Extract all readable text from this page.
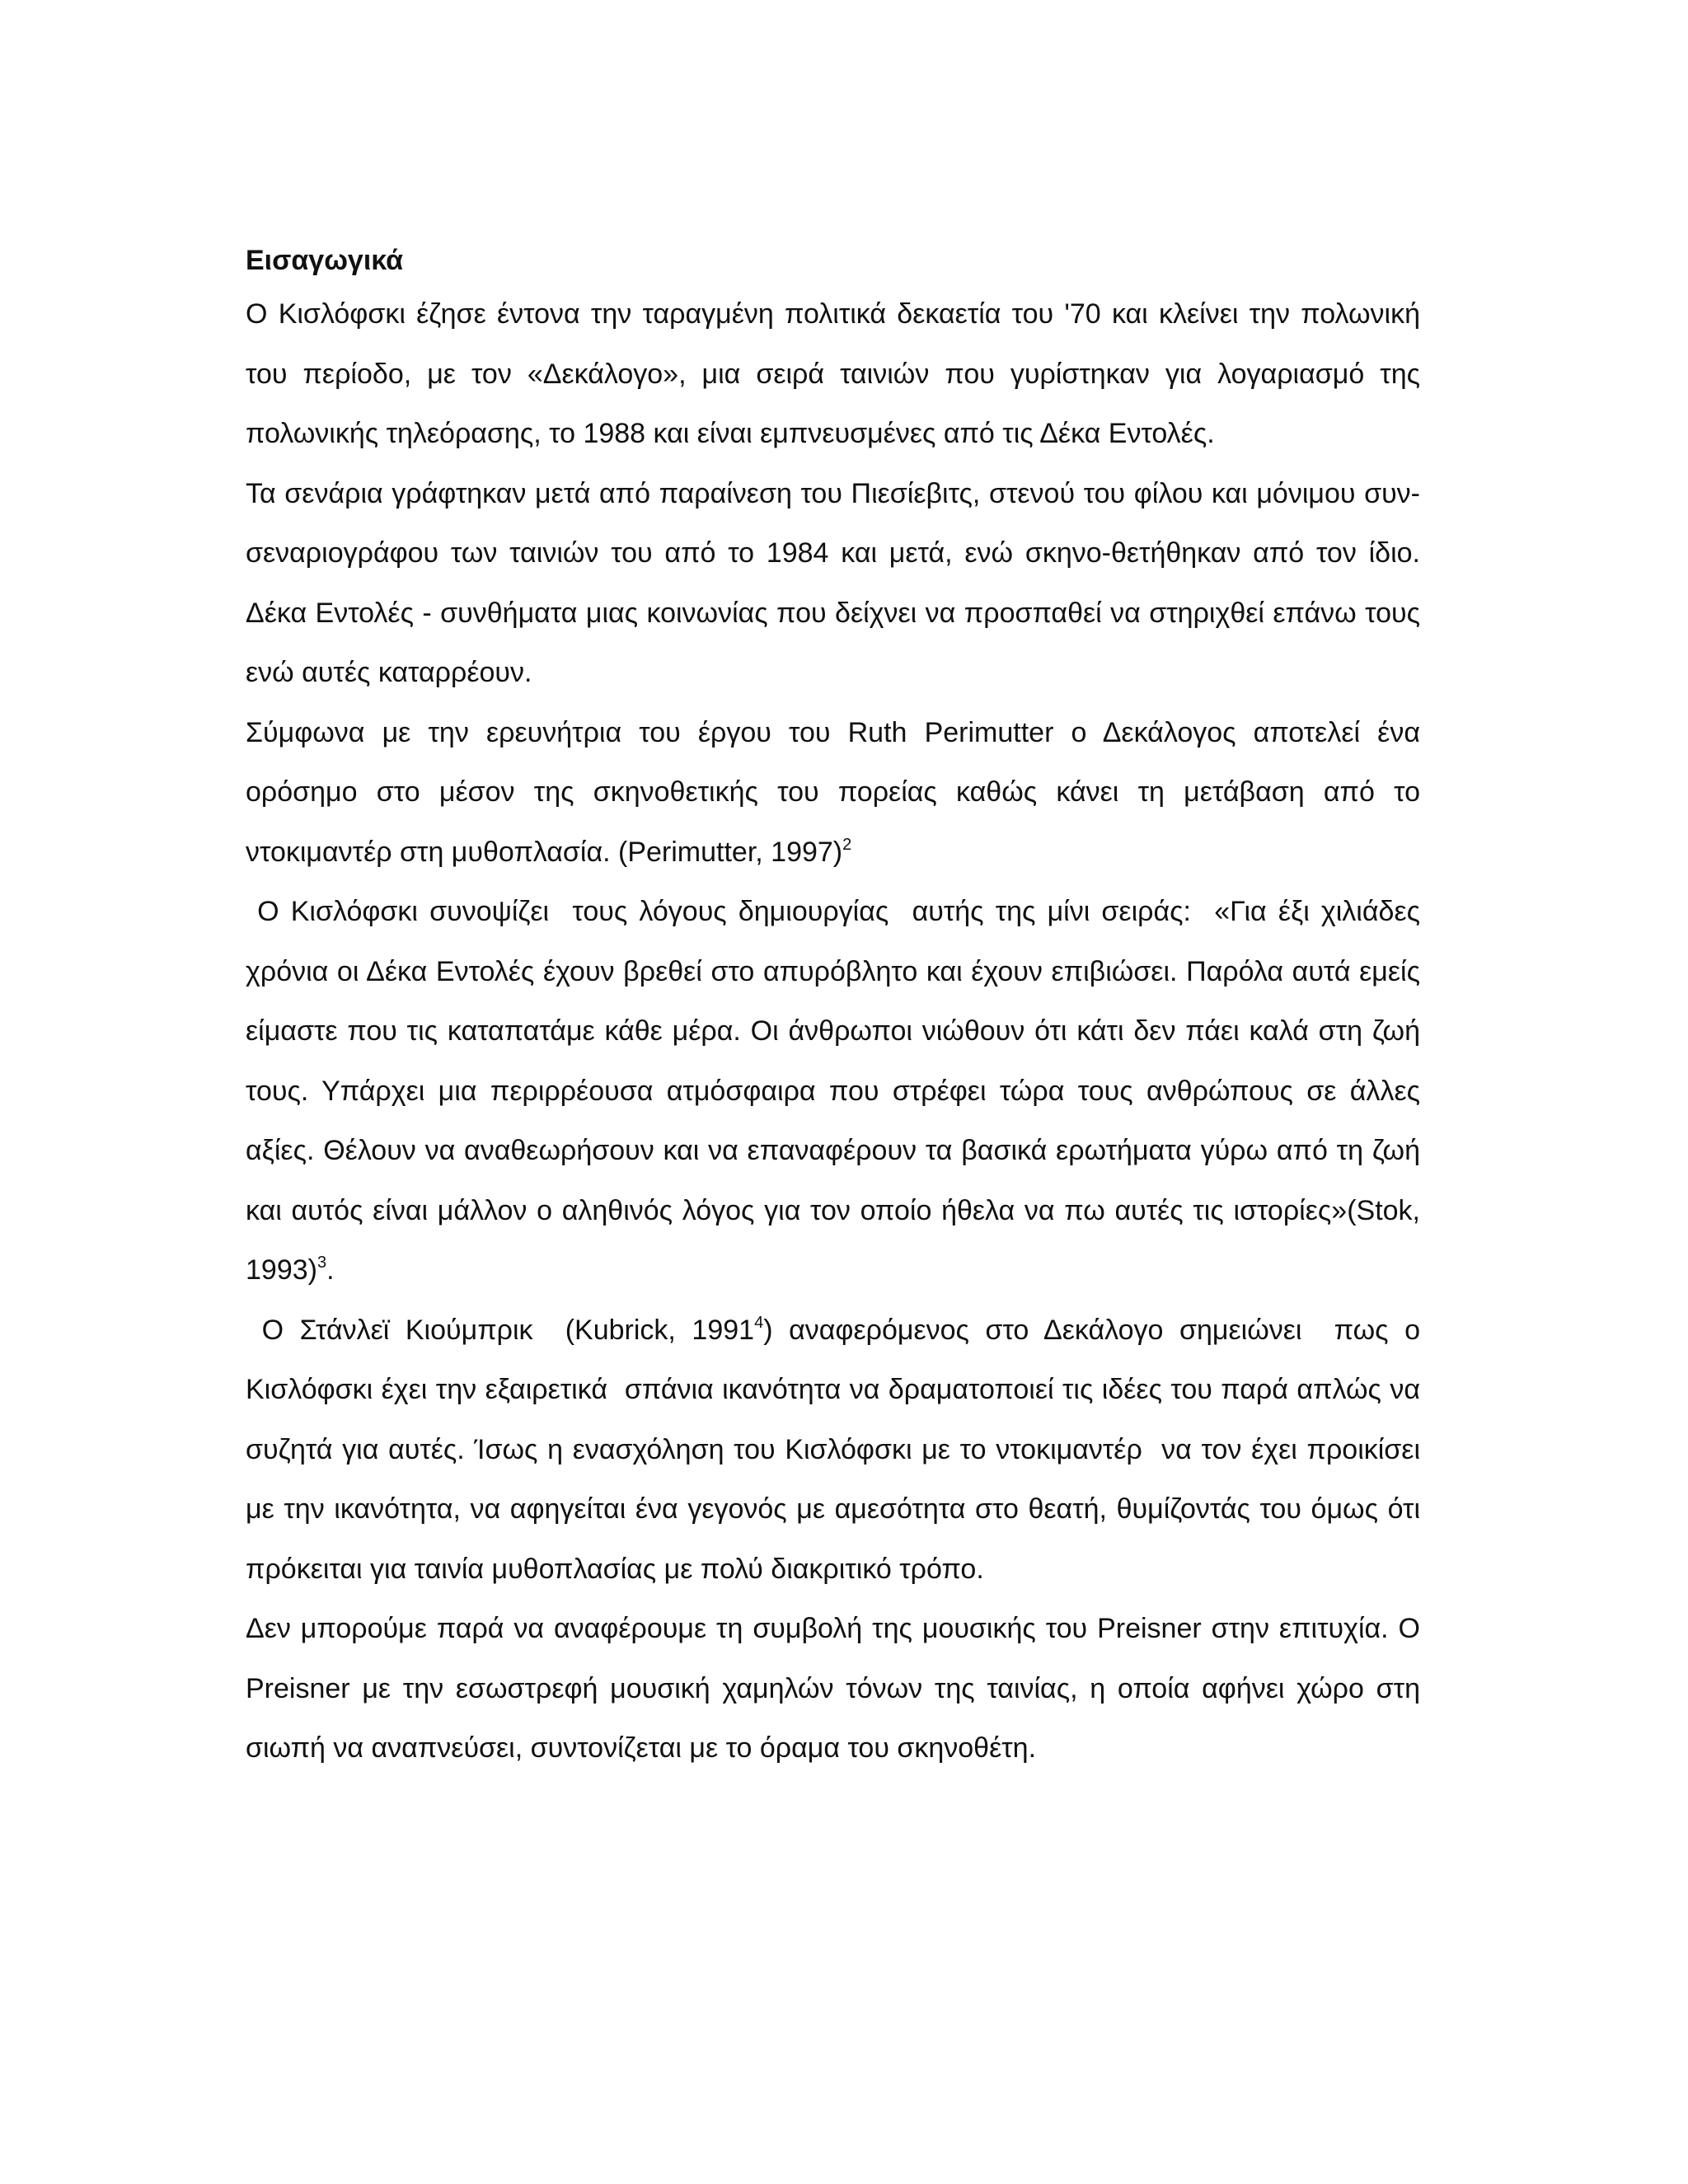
Εισαγωγικά

Ο Κισλόφσκι έζησε έντονα την ταραγμένη πολιτικά δεκαετία του '70 και κλείνει την πολωνική του περίοδο, με τον «Δεκάλογο», μια σειρά ταινιών που γυρίστηκαν για λογαριασμό της πολωνικής τηλεόρασης, το 1988 και είναι εμπνευσμένες από τις Δέκα Εντολές.

Τα σενάρια γράφτηκαν μετά από παραίνεση του Πιεσίεβιτς, στενού του φίλου και μόνιμου συν-σεναριογράφου των ταινιών του από το 1984 και μετά, ενώ σκηνο-θετήθηκαν από τον ίδιο. Δέκα Εντολές - συνθήματα μιας κοινωνίας που δείχνει να προσπαθεί να στηριχθεί επάνω τους ενώ αυτές καταρρέουν.

Σύμφωνα με την ερευνήτρια του έργου του Ruth Perimutter ο Δεκάλογος αποτελεί ένα ορόσημο στο μέσον της σκηνοθετικής του πορείας καθώς κάνει τη μετάβαση από το ντοκιμαντέρ στη μυθοπλασία. (Perimutter, 1997)$^2$

Ο Κισλόφσκι συνοψίζει  τους λόγους δημιουργίας  αυτής της μίνι σειράς:  «Για έξι χιλιάδες χρόνια οι Δέκα Εντολές έχουν βρεθεί στο απυρόβλητο και έχουν επιβιώσει. Παρόλα αυτά εμείς είμαστε που τις καταπατάμε κάθε μέρα. Οι άνθρωποι νιώθουν ότι κάτι δεν πάει καλά στη ζωή τους. Υπάρχει μια περιρρέουσα ατμόσφαιρα που στρέφει τώρα τους ανθρώπους σε άλλες αξίες. Θέλουν να αναθεωρήσουν και να επαναφέρουν τα βασικά ερωτήματα γύρω από τη ζωή και αυτός είναι μάλλον ο αληθινός λόγος για τον οποίο ήθελα να πω αυτές τις ιστορίες»(Stok, 1993)$^3$.

Ο Στάνλεϊ Κιούμπρικ  (Kubrick, 1991$^4$) αναφερόμενος στο Δεκάλογο σημειώνει  πως ο Κισλόφσκι έχει την εξαιρετικά  σπάνια ικανότητα να δραματοποιεί τις ιδέες του παρά απλώς να συζητά για αυτές. Ίσως η ενασχόληση του Κισλόφσκι με το ντοκιμαντέρ  να τον έχει προικίσει με την ικανότητα, να αφηγείται ένα γεγονός με αμεσότητα στο θεατή, θυμίζοντάς του όμως ότι πρόκειται για ταινία μυθοπλασίας με πολύ διακριτικό τρόπο.

Δεν μπορούμε παρά να αναφέρουμε τη συμβολή της μουσικής του Preisner στην επιτυχία. Ο Preisner με την εσωστρεφή μουσική χαμηλών τόνων της ταινίας, η οποία αφήνει χώρο στη σιωπή να αναπνεύσει, συντονίζεται με το όραμα του σκηνοθέτη.
